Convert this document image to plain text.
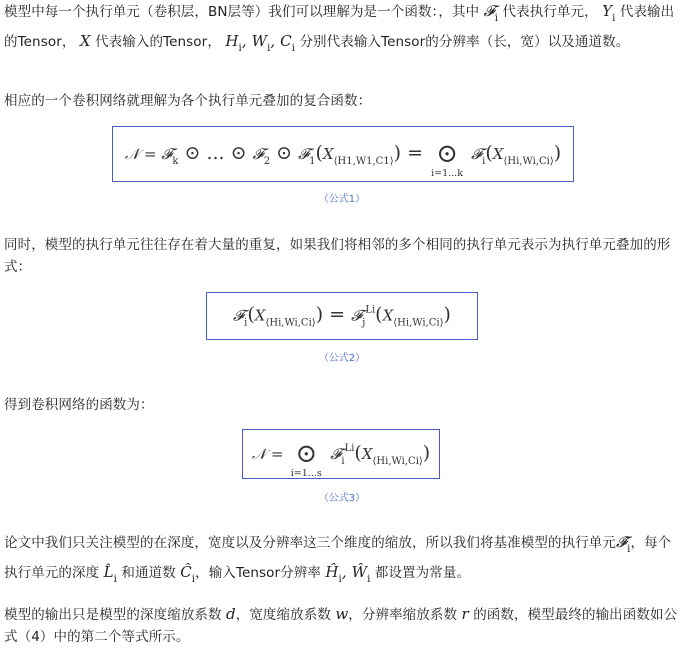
模型中每一个执行单元（卷积层，BN层等）我们可以理解为是一个函数：，其中 𝓕$_i$ 代表执行单元， $Y_i$ 代表输出的Tensor， X 代表输入的Tensor， $H_i$, $W_i$, $C_i$ 分别代表输入Tensor的分辨率（长，宽）以及通道数。

相应的一个卷积网络就理解为各个执行单元叠加的复合函数：

𝒩 = 𝓕$_k$ ⊙ ... ⊙ 𝓕$_2$ ⊙ $𝓕_1(X_{⟨H1,W1,C1⟩})$ = ⊙
i=1...k
$𝓕_i(X_{⟨Hi,Wi,Ci⟩})$
（公式1）

同时，模型的执行单元往往存在着大量的重复，如果我们将相邻的多个相同的执行单元表示为执行单元叠加的形式：

$𝓕_i(X_{⟨Hi,Wi,Ci⟩})$ = $𝓕_j^{Li}(X_{⟨Hi,Wi,Ci⟩})$
（公式2）

得到卷积网络的函数为：

𝒩 = ⊙
i=1...s
$𝓕_i^{Li}(X_{⟨Hi,Wi,Ci⟩})$
（公式3）

论文中我们只关注模型的在深度，宽度以及分辨率这三个维度的缩放，所以我们将基准模型的执行单元$𝓕̂_i$，每个执行单元的深度 $L̂_i$ 和通道数 $Ĉ_i$，输入Tensor分辨率 $Ĥ_i$, $Ŵ_i$ 都设置为常量。

模型的输出只是模型的深度缩放系数 d，宽度缩放系数 w，分辨率缩放系数 r 的函数，模型最终的输出函数如公式（4）中的第二个等式所示。
